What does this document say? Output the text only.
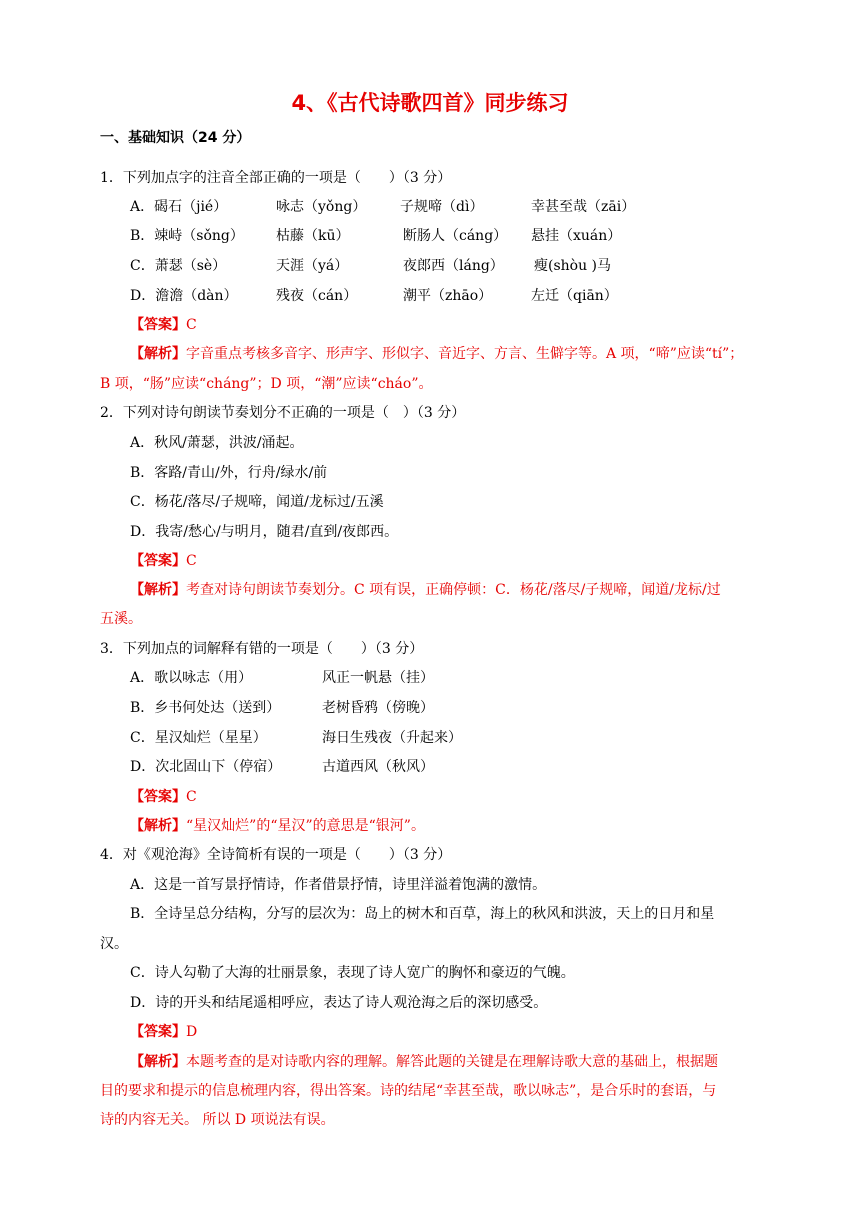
4、《古代诗歌四首》同步练习
一、基础知识（24 分）
1．下列加点字的注音全部正确的一项是（　　）（3 分）
A．碣石（jié）	咏志（yǒng） 子规啼（dì）	幸甚至哉（zāi）
B．竦峙（sǒng） 枯藤（kū）	断肠人（cáng） 悬挂（xuán）
C．萧瑟（sè）	天涯（yá）	夜郎西（láng） 瘦(shòu )马
D．澹澹（dàn）	残夜（cán）	潮平（zhāo）	左迁（qiān）
【答案】C
【解析】字音重点考核多音字、形声字、形似字、音近字、方言、生僻字等。A 项，“啼”应读“tí”；
B 项，“肠”应读“cháng”；D 项，“潮”应读“cháo”。
2．下列对诗句朗读节奏划分不正确的一项是（　）（3 分）
A．秋风/萧瑟，洪波/涌起。
B．客路/青山/外，行舟/绿水/前
C．杨花/落尽/子规啼，闻道/龙标过/五溪
D．我寄/愁心/与明月，随君/直到/夜郎西。
【答案】C
【解析】考查对诗句朗读节奏划分。C 项有误，正确停顿：C．杨花/落尽/子规啼，闻道/龙标/过
五溪。
3．下列加点的词解释有错的一项是（　　）（3 分）
A．歌以咏志（用）	风正一帆悬（挂）
B．乡书何处达（送到）	老树昏鸦（傍晚）
C．星汉灿烂（星星）	海日生残夜（升起来）
D．次北固山下（停宿）	古道西风（秋风）
【答案】C
【解析】“星汉灿烂”的“星汉”的意思是“银河”。
4．对《观沧海》全诗简析有误的一项是（　　）（3 分）
A．这是一首写景抒情诗，作者借景抒情，诗里洋溢着饱满的激情。
B．全诗呈总分结构，分写的层次为：岛上的树木和百草，海上的秋风和洪波，天上的日月和星
汉。
C．诗人勾勒了大海的壮丽景象，表现了诗人宽广的胸怀和豪迈的气魄。
D．诗的开头和结尾遥相呼应，表达了诗人观沧海之后的深切感受。
【答案】D
【解析】本题考查的是对诗歌内容的理解。解答此题的关键是在理解诗歌大意的基础上，根据题
目的要求和提示的信息梳理内容，得出答案。诗的结尾“幸甚至哉，歌以咏志”，是合乐时的套语，与
诗的内容无关。 所以 D 项说法有误。
